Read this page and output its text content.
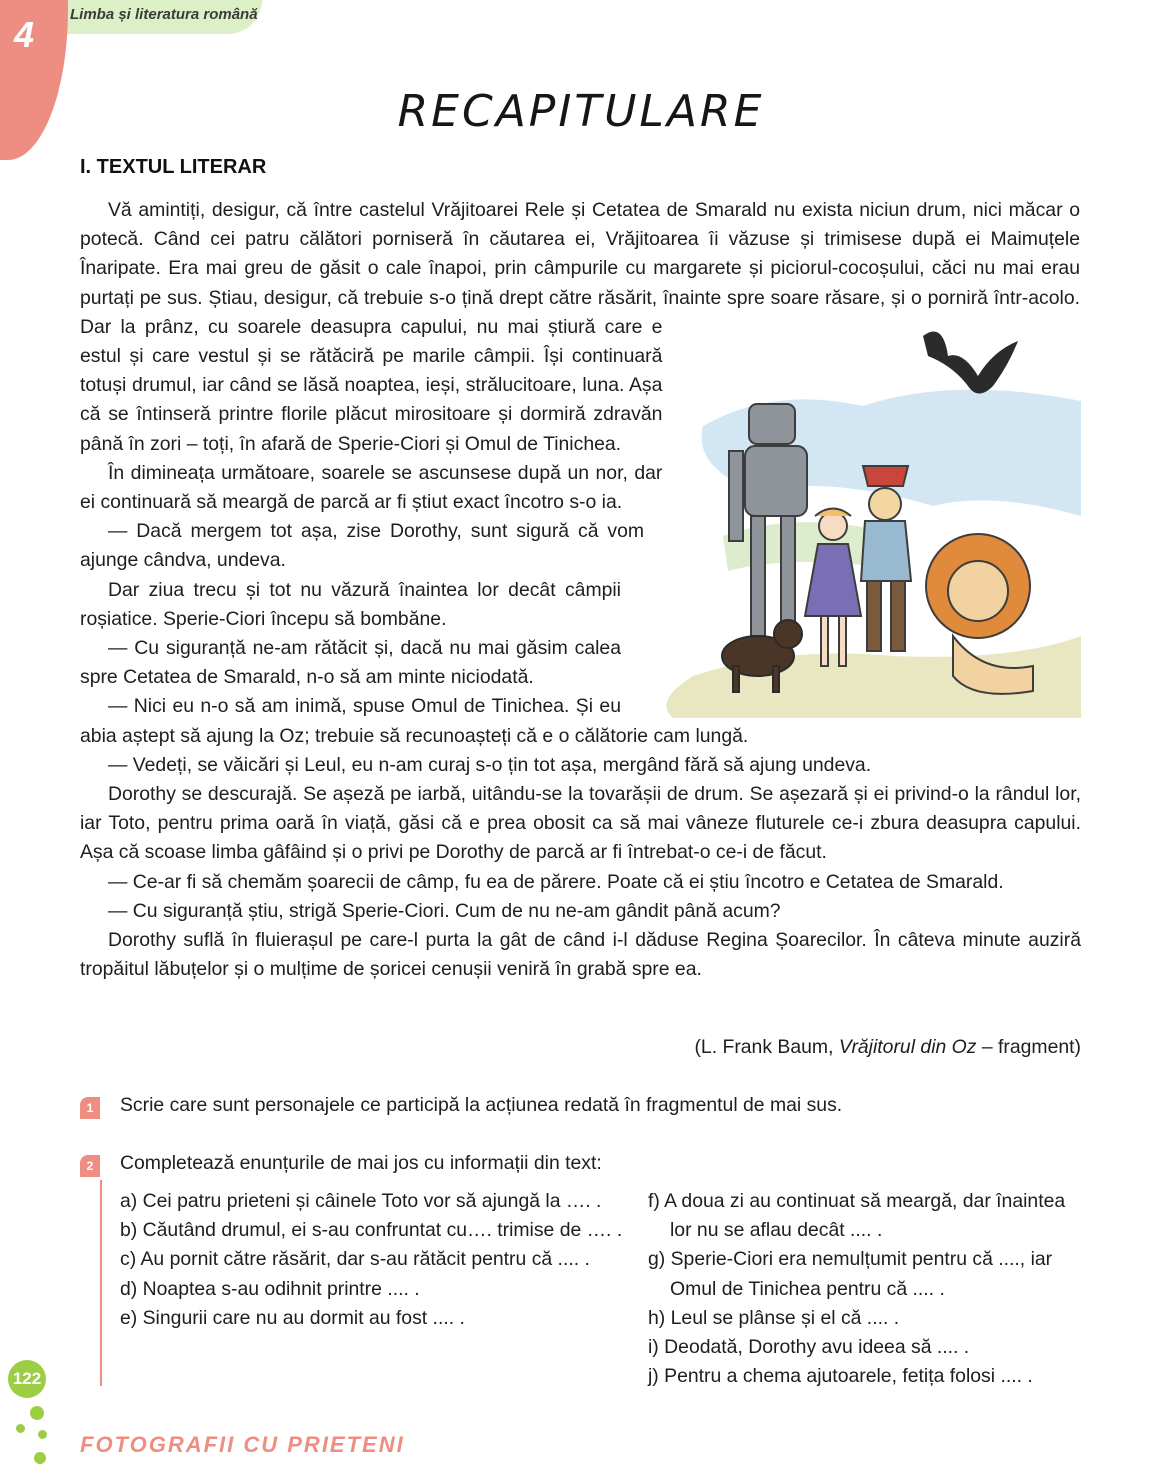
4 Limba și literatura română
RECAPITULARE
I. TEXTUL LITERAR

Vă amintiți, desigur, că între castelul Vrăjitoarei Rele și Cetatea de Smarald nu exista niciun drum, nici măcar o potecă. Când cei patru călători porniseră în căutarea ei, Vrăjitoarea îi văzuse și trimisese după ei Maimuțele Înaripate. Era mai greu de găsit o cale înapoi, prin câmpurile cu margarete și piciorul-cocoșului, căci nu mai erau purtați pe sus. Știau, desigur, că trebuie s-o țină drept către răsărit, înainte spre soare răsare, și o porniră într-acolo. Dar la prânz, cu soarele deasupra capului, nu mai știură care e estul și care vestul și se rătăciră pe marile câmpii. Își continuară totuși drumul, iar când se lăsă noaptea, ieși, strălucitoare, luna. Așa că se întinseră printre florile plăcut mirositoare și dormiră zdravăn până în zori – toți, în afară de Sperie-Ciori și Omul de Tinichea.

În dimineața următoare, soarele se ascunsese după un nor, dar ei continuară să meargă de parcă ar fi știut exact încotro s-o ia.

— Dacă mergem tot așa, zise Dorothy, sunt sigură că vom ajunge cândva, undeva.

Dar ziua trecu și tot nu văzură înaintea lor decât câmpii roșiatice. Sperie-Ciori începu să bombăne.

— Cu siguranță ne-am rătăcit și, dacă nu mai găsim calea spre Cetatea de Smarald, n-o să am minte niciodată.

— Nici eu n-o să am inimă, spuse Omul de Tinichea. Și eu abia aștept să ajung la Oz; trebuie să recunoașteți că e o călătorie cam lungă.

— Vedeți, se văicări și Leul, eu n-am curaj s-o țin tot așa, mergând fără să ajung undeva.

Dorothy se descurajă. Se așeză pe iarbă, uitându-se la tovarășii de drum. Se așezară și ei privind-o la rândul lor, iar Toto, pentru prima oară în viață, găsi că e prea obosit ca să mai vâneze fluturele ce-i zbura deasupra capului. Așa că scoase limba gâfâind și o privi pe Dorothy de parcă ar fi întrebat-o ce-i de făcut.

— Ce-ar fi să chemăm șoarecii de câmp, fu ea de părere. Poate că ei știu încotro e Cetatea de Smarald.

— Cu siguranță știu, strigă Sperie-Ciori. Cum de nu ne-am gândit până acum?

Dorothy suflă în fluierașul pe care-l purta la gât de când i-l dăduse Regina Șoarecilor. În câteva minute auziră tropăitul lăbuțelor și o mulțime de șoricei cenușii veniră în grabă spre ea.

(L. Frank Baum, Vrăjitorul din Oz – fragment)
1	Scrie care sunt personajele ce participă la acțiunea redată în fragmentul de mai sus.
2	Completează enunțurile de mai jos cu informații din text:

a) Cei patru prieteni și câinele Toto vor să ajungă la …. .

b) Căutând drumul, ei s-au confruntat cu…. trimise de …. .

c) Au pornit către răsărit, dar s-au rătăcit pentru că .... .

d) Noaptea s-au odihnit printre .... .

e) Singurii care nu au dormit au fost .... .

f) A doua zi au continuat să meargă, dar înaintea lor nu se aflau decât .... .

g) Sperie-Ciori era nemulțumit pentru că ...., iar Omul de Tinichea pentru că .... .

h) Leul se plânse și el că .... .

i) Deodată, Dorothy avu ideea să .... .

j) Pentru a chema ajutoarele, fetița folosi .... .

122
FOTOGRAFII CU PRIETENI
